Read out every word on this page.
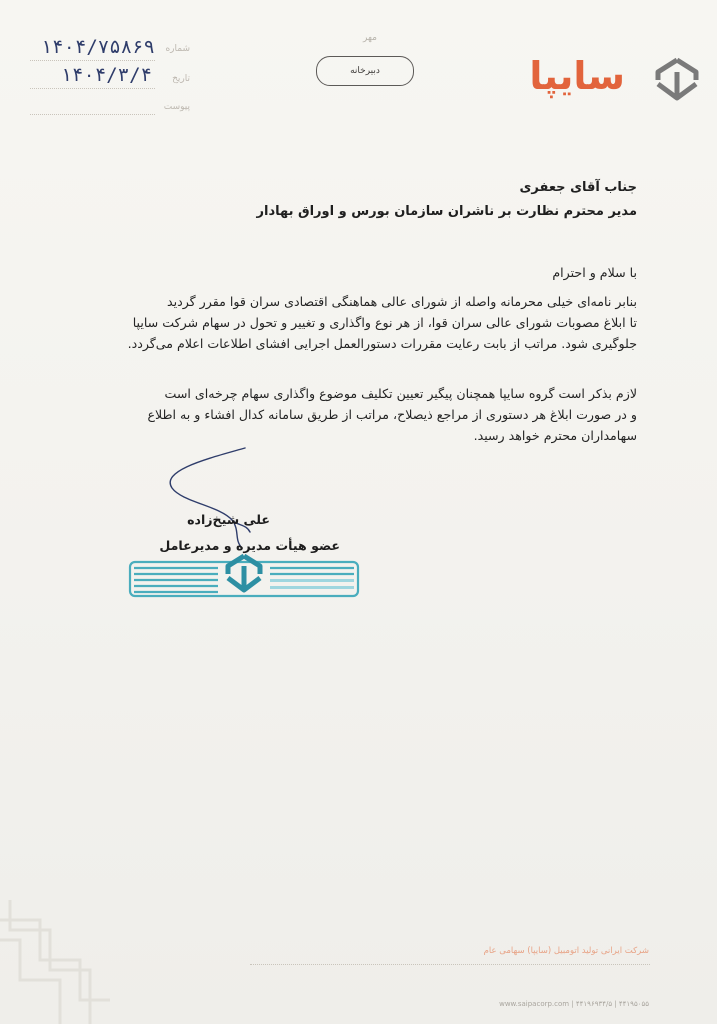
سایپا
مهر
دبیرخانه
شماره
۱۴۰۴/۷۵۸۶۹
تاریخ
۱۴۰۴/۳/۴
پیوست
جناب آقای جعفری
مدیر محترم نظارت بر ناشران سازمان بورس و اوراق بهادار
با سلام و احترام
بنابر نامه‌ای خیلی محرمانه واصله از شورای عالی هماهنگی اقتصادی سران قوا مقرر گردید
تا ابلاغ مصوبات شورای عالی سران قوا، از هر نوع واگذاری و تغییر و تحول در سهام شرکت سایپا
جلوگیری شود. مراتب از بابت رعایت مقررات دستورالعمل اجرایی افشای اطلاعات اعلام می‌گردد.
لازم بذکر است گروه سایپا همچنان پیگیر تعیین تکلیف موضوع واگذاری سهام چرخه‌ای است
و در صورت ابلاغ هر دستوری از مراجع ذیصلاح، مراتب از طریق سامانه کدال افشاء و به اطلاع
سهامداران محترم خواهد رسید.
علی شیخ‌زاده
عضو هیأت مدیره و مدیرعامل
شرکت ایرانی تولید اتومبیل (سایپا) سهامی عام
www.saipacorp.com | ۴۴۱۹۶۹۳۴/۵ | ۴۴۱۹۵۰۵۵
